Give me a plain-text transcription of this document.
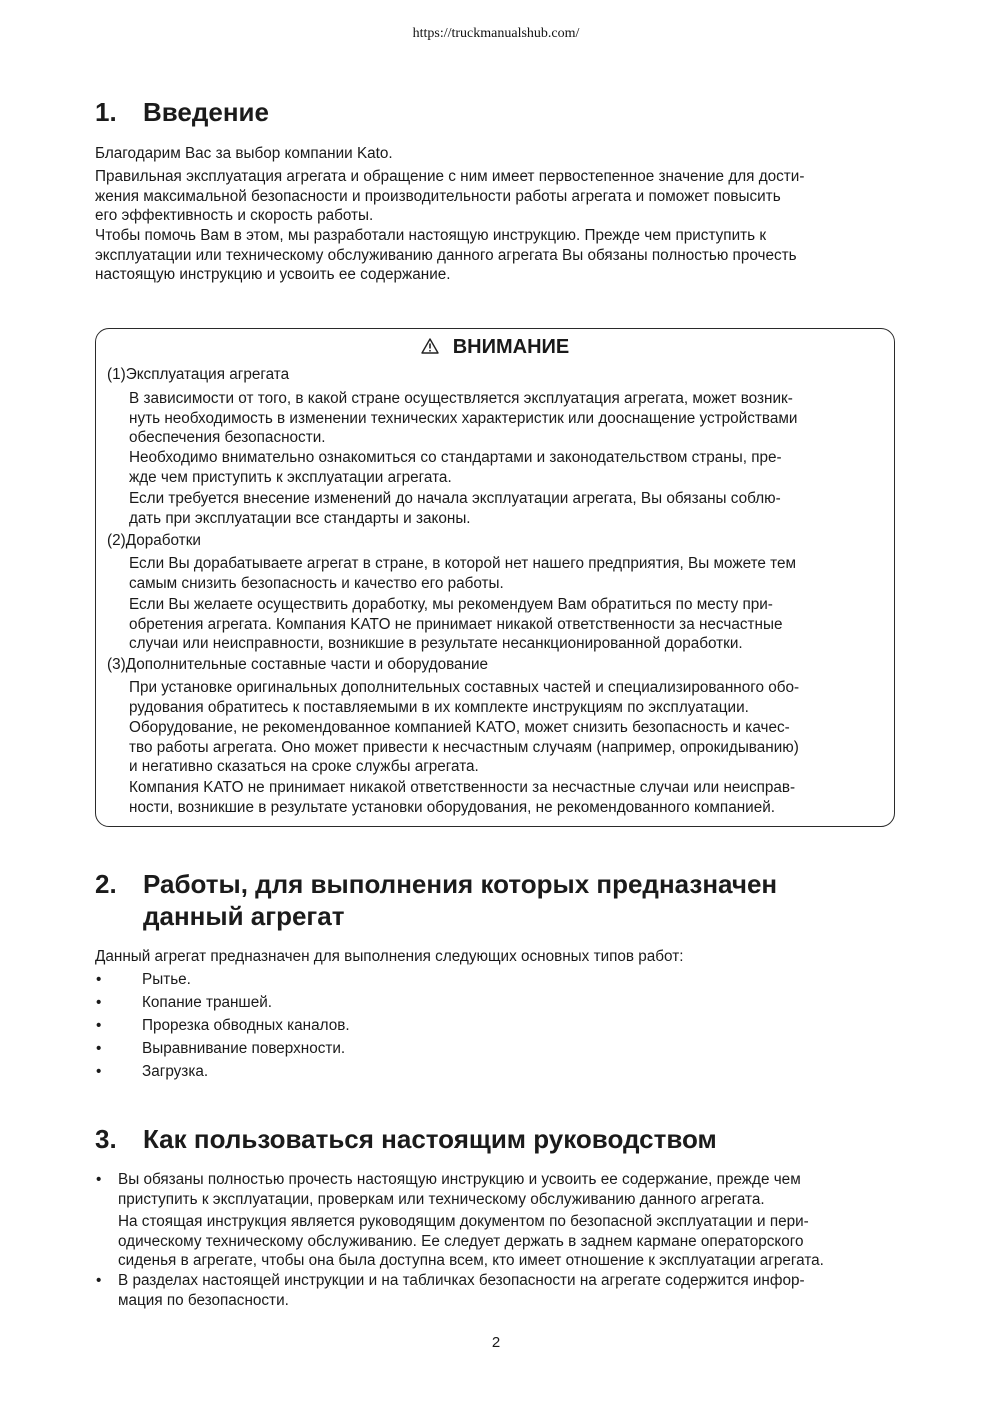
https://truckmanualshub.com/
1. Введение
Благодарим Вас за выбор компании Kato.
Правильная эксплуатация агрегата и обращение с ним имеет первостепенное значение для дости-
жения максимальной безопасности и производительности работы агрегата и поможет повысить
его эффективность и скорость работы.
Чтобы помочь Вам в этом, мы разработали настоящую инструкцию. Прежде чем приступить к
эксплуатации или техническому обслуживанию данного агрегата Вы обязаны полностью прочесть
настоящую инструкцию и усвоить ее содержание.
ВНИМАНИЕ
(1)Эксплуатация агрегата
В зависимости от того, в какой стране осуществляется эксплуатация агрегата, может возник-
нуть необходимость в изменении технических характеристик или дооснащение устройствами
обеспечения безопасности.
Необходимо внимательно ознакомиться со стандартами и законодательством страны, пре-
жде чем приступить к эксплуатации агрегата.
Если требуется внесение изменений до начала эксплуатации агрегата, Вы обязаны соблю-
дать при эксплуатации все стандарты и законы.
(2)Доработки
Если Вы дорабатываете агрегат в стране, в которой нет нашего предприятия, Вы можете тем
самым снизить безопасность и качество его работы.
Если Вы желаете осуществить доработку, мы рекомендуем Вам обратиться по месту при-
обретения агрегата. Компания KATO не принимает никакой ответственности за несчастные
случаи или неисправности, возникшие в результате несанкционированной доработки.
(3)Дополнительные составные части и оборудование
При установке оригинальных дополнительных составных частей и специализированного обо-
рудования обратитесь к поставляемыми в их комплекте инструкциям по эксплуатации.
Оборудование, не рекомендованное компанией KATO, может снизить безопасность и качес-
тво работы агрегата. Оно может привести к несчастным случаям (например, опрокидыванию)
и негативно сказаться на сроке службы агрегата.
Компания KATO не принимает никакой ответственности за несчастные случаи или неисправ-
ности, возникшие в результате установки оборудования, не рекомендованного компанией.
2. Работы, для выполнения которых предназначен
данный агрегат
Данный агрегат предназначен для выполнения следующих основных типов работ:
•	Рытье.
•	Копание траншей.
•	Прорезка обводных каналов.
•	Выравнивание поверхности.
•	Загрузка.
3. Как пользоваться настоящим руководством
• Вы обязаны полностью прочесть настоящую инструкцию и усвоить ее содержание, прежде чем
приступить к эксплуатации, проверкам или техническому обслуживанию данного агрегата.
На стоящая инструкция является руководящим документом по безопасной эксплуатации и пери-
одическому техническому обслуживанию. Ее следует держать в заднем кармане операторского
сиденья в агрегате, чтобы она была доступна всем, кто имеет отношение к эксплуатации агрегата.
• В разделах настоящей инструкции и на табличках безопасности на агрегате содержится инфор-
мация по безопасности.
2
